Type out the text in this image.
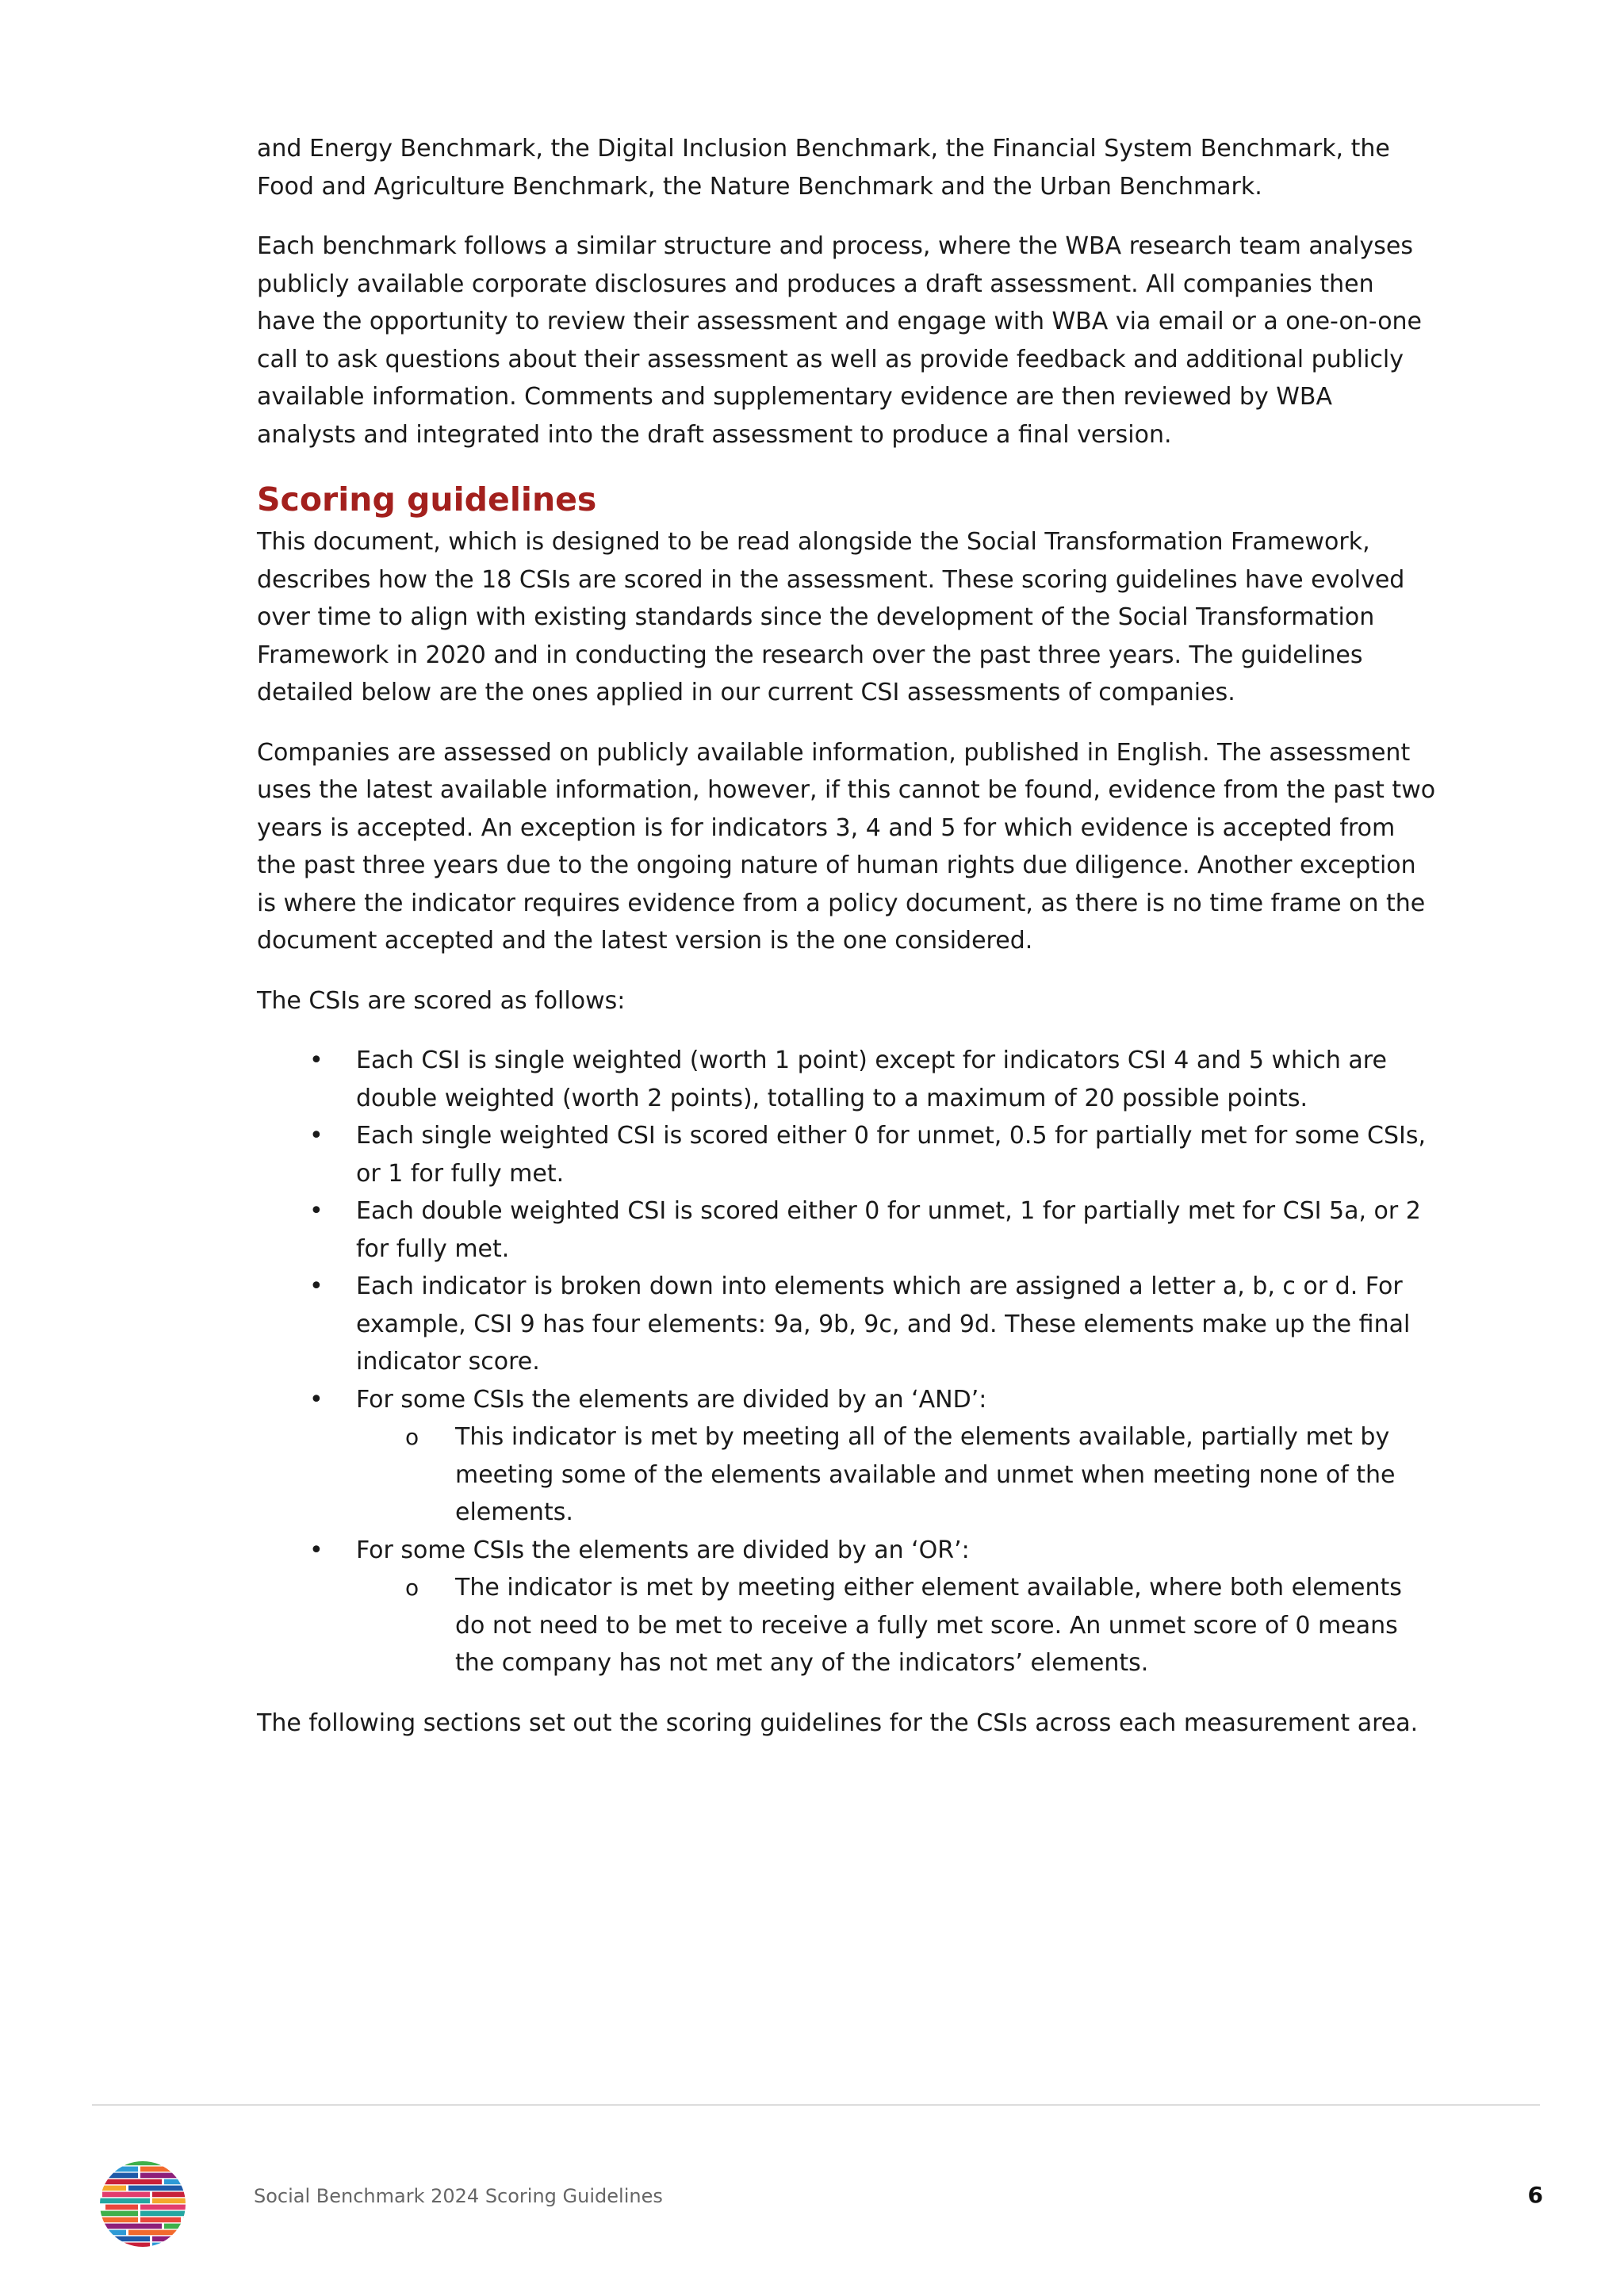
and Energy Benchmark, the Digital Inclusion Benchmark, the Financial System Benchmark, the Food and Agriculture Benchmark, the Nature Benchmark and the Urban Benchmark.

Each benchmark follows a similar structure and process, where the WBA research team analyses publicly available corporate disclosures and produces a draft assessment. All companies then have the opportunity to review their assessment and engage with WBA via email or a one-on-one call to ask questions about their assessment as well as provide feedback and additional publicly available information. Comments and supplementary evidence are then reviewed by WBA analysts and integrated into the draft assessment to produce a final version.

Scoring guidelines

This document, which is designed to be read alongside the Social Transformation Framework, describes how the 18 CSIs are scored in the assessment. These scoring guidelines have evolved over time to align with existing standards since the development of the Social Transformation Framework in 2020 and in conducting the research over the past three years. The guidelines detailed below are the ones applied in our current CSI assessments of companies.

Companies are assessed on publicly available information, published in English. The assessment uses the latest available information, however, if this cannot be found, evidence from the past two years is accepted. An exception is for indicators 3, 4 and 5 for which evidence is accepted from the past three years due to the ongoing nature of human rights due diligence. Another exception is where the indicator requires evidence from a policy document, as there is no time frame on the document accepted and the latest version is the one considered.

The CSIs are scored as follows:

• Each CSI is single weighted (worth 1 point) except for indicators CSI 4 and 5 which are double weighted (worth 2 points), totalling to a maximum of 20 possible points.
• Each single weighted CSI is scored either 0 for unmet, 0.5 for partially met for some CSIs, or 1 for fully met.
• Each double weighted CSI is scored either 0 for unmet, 1 for partially met for CSI 5a, or 2 for fully met.
• Each indicator is broken down into elements which are assigned a letter a, b, c or d. For example, CSI 9 has four elements: 9a, 9b, 9c, and 9d. These elements make up the final indicator score.
• For some CSIs the elements are divided by an ‘AND’:
o This indicator is met by meeting all of the elements available, partially met by meeting some of the elements available and unmet when meeting none of the elements.
• For some CSIs the elements are divided by an ‘OR’:
o The indicator is met by meeting either element available, where both elements do not need to be met to receive a fully met score. An unmet score of 0 means the company has not met any of the indicators’ elements.

The following sections set out the scoring guidelines for the CSIs across each measurement area.

Social Benchmark 2024 Scoring Guidelines	6
